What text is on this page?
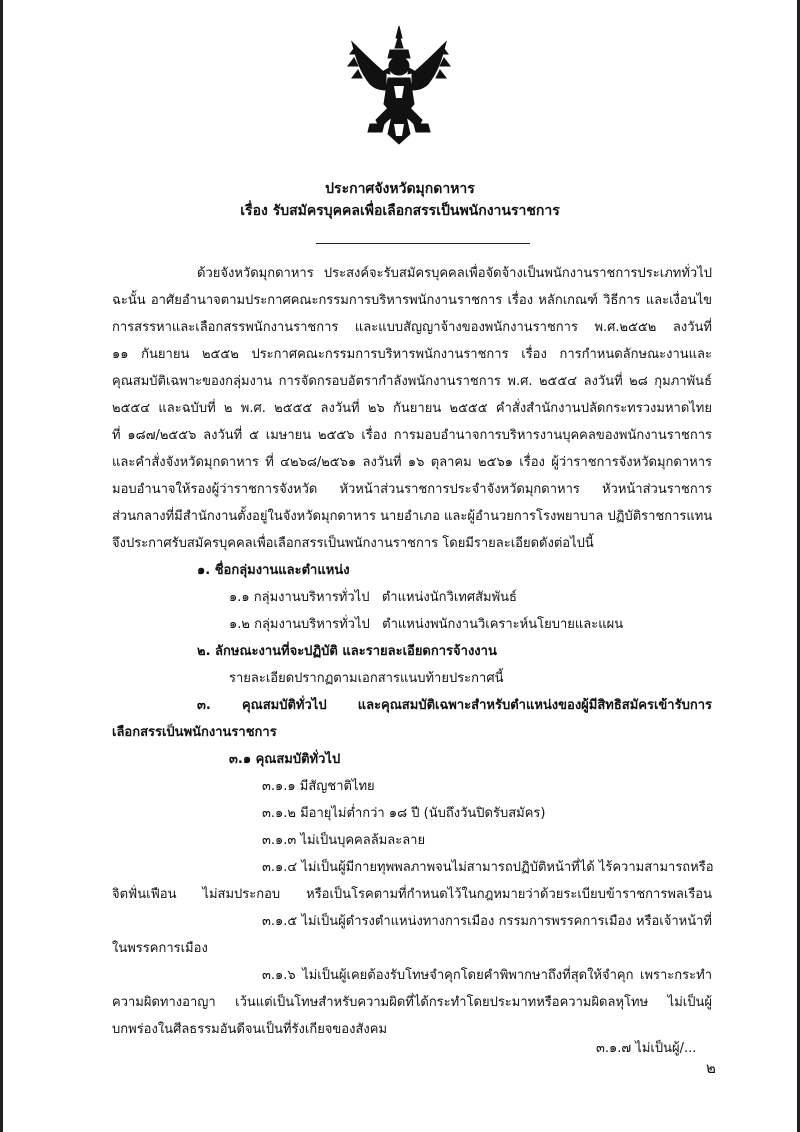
ประกาศจังหวัดมุกดาหาร
เรื่อง รับสมัครบุคคลเพื่อเลือกสรรเป็นพนักงานราชการ
ด้วยจังหวัดมุกดาหาร ประสงค์จะรับสมัครบุคคลเพื่อจัดจ้างเป็นพนักงานราชการประเภททั่วไป
ฉะนั้น อาศัยอำนาจตามประกาศคณะกรรมการบริหารพนักงานราชการ เรื่อง หลักเกณฑ์ วิธีการ และเงื่อนไข
การสรรหาและเลือกสรรพนักงานราชการ และแบบสัญญาจ้างของพนักงานราชการ พ.ศ.๒๕๕๒ ลงวันที่
๑๑ กันยายน ๒๕๕๒ ประกาศคณะกรรมการบริหารพนักงานราชการ เรื่อง การกำหนดลักษณะงานและ
คุณสมบัติเฉพาะของกลุ่มงาน การจัดกรอบอัตรากำลังพนักงานราชการ พ.ศ. ๒๕๕๔ ลงวันที่ ๒๘ กุมภาพันธ์
๒๕๕๔ และฉบับที่ ๒ พ.ศ. ๒๕๕๕ ลงวันที่ ๒๖ กันยายน ๒๕๕๕ คำสั่งสำนักงานปลัดกระทรวงมหาดไทย
ที่ ๑๘๗/๒๕๕๖ ลงวันที่ ๕ เมษายน ๒๕๕๖ เรื่อง การมอบอำนาจการบริหารงานบุคคลของพนักงานราชการ
และคำสั่งจังหวัดมุกดาหาร ที่ ๔๒๖๘/๒๕๖๑ ลงวันที่ ๑๖ ตุลาคม ๒๕๖๑ เรื่อง ผู้ว่าราชการจังหวัดมุกดาหาร
มอบอำนาจให้รองผู้ว่าราชการจังหวัด หัวหน้าส่วนราชการประจำจังหวัดมุกดาหาร หัวหน้าส่วนราชการ
ส่วนกลางที่มีสำนักงานตั้งอยู่ในจังหวัดมุกดาหาร นายอำเภอ และผู้อำนวยการโรงพยาบาล ปฏิบัติราชการแทน
จึงประกาศรับสมัครบุคคลเพื่อเลือกสรรเป็นพนักงานราชการ โดยมีรายละเอียดดังต่อไปนี้
๑. ชื่อกลุ่มงานและตำแหน่ง
๑.๑ กลุ่มงานบริหารทั่วไป   ตำแหน่งนักวิเทศสัมพันธ์
๑.๒ กลุ่มงานบริหารทั่วไป   ตำแหน่งพนักงานวิเคราะห์นโยบายและแผน
๒. ลักษณะงานที่จะปฏิบัติ และรายละเอียดการจ้างงาน
รายละเอียดปรากฏตามเอกสารแนบท้ายประกาศนี้
๓. คุณสมบัติทั่วไป และคุณสมบัติเฉพาะสำหรับตำแหน่งของผู้มีสิทธิสมัครเข้ารับการ
เลือกสรรเป็นพนักงานราชการ
๓.๑ คุณสมบัติทั่วไป
๓.๑.๑ มีสัญชาติไทย
๓.๑.๒ มีอายุไม่ต่ำกว่า ๑๘ ปี (นับถึงวันปิดรับสมัคร)
๓.๑.๓ ไม่เป็นบุคคลล้มละลาย
๓.๑.๔ ไม่เป็นผู้มีกายทุพพลภาพจนไม่สามารถปฏิบัติหน้าที่ได้ ไร้ความสามารถหรือ
จิตฟั่นเฟือน ไม่สมประกอบ หรือเป็นโรคตามที่กำหนดไว้ในกฎหมายว่าด้วยระเบียบข้าราชการพลเรือน
๓.๑.๕ ไม่เป็นผู้ดำรงตำแหน่งทางการเมือง กรรมการพรรคการเมือง หรือเจ้าหน้าที่
ในพรรคการเมือง
๓.๑.๖ ไม่เป็นผู้เคยต้องรับโทษจำคุกโดยคำพิพากษาถึงที่สุดให้จำคุก เพราะกระทำ
ความผิดทางอาญา เว้นแต่เป็นโทษสำหรับความผิดที่ได้กระทำโดยประมาทหรือความผิดลหุโทษ ไม่เป็นผู้
บกพร่องในศีลธรรมอันดีจนเป็นที่รังเกียจของสังคม
๓.๑.๗ ไม่เป็นผู้/...
๒
